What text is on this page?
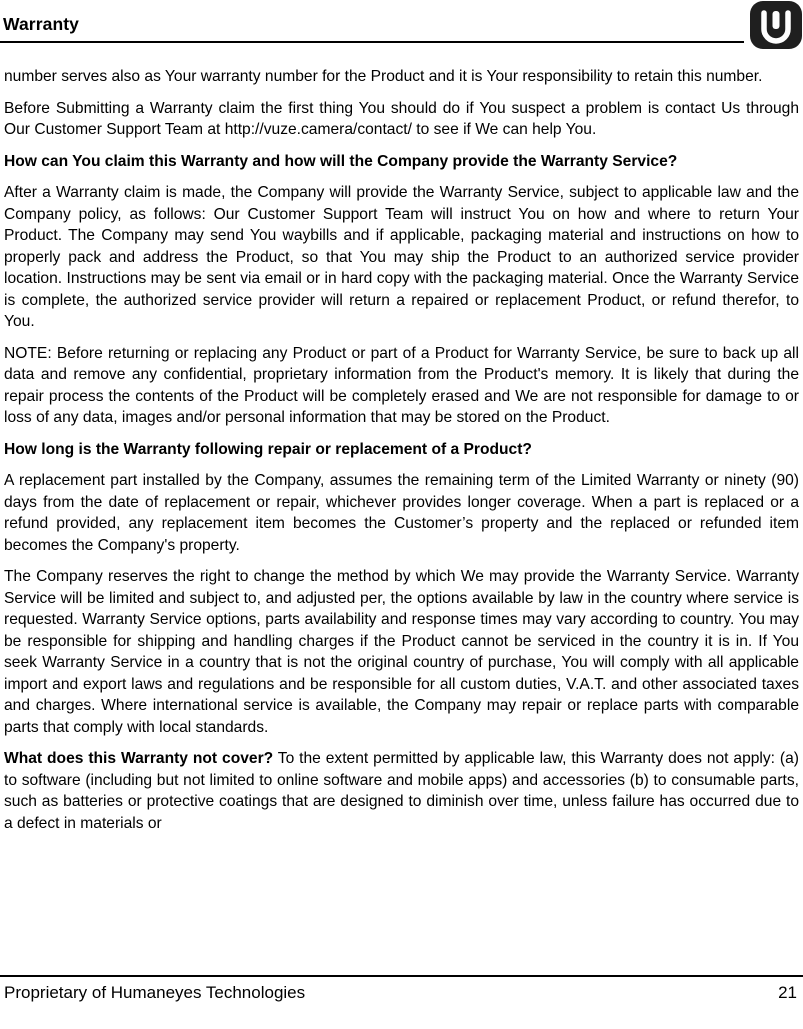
Warranty

number serves also as Your warranty number for the Product and it is Your responsibility to retain this number.

Before Submitting a Warranty claim the first thing You should do if You suspect a problem is contact Us through Our Customer Support Team at http://vuze.camera/contact/ to see if We can help You.

How can You claim this Warranty and how will the Company provide the Warranty Service?

After a Warranty claim is made, the Company will provide the Warranty Service, subject to applicable law and the Company policy, as follows: Our Customer Support Team will instruct You on how and where to return Your Product. The Company may send You waybills and if applicable, packaging material and instructions on how to properly pack and address the Product, so that You may ship the Product to an authorized service provider location. Instructions may be sent via email or in hard copy with the packaging material. Once the Warranty Service is complete, the authorized service provider will return a repaired or replacement Product, or refund therefor, to You.

NOTE: Before returning or replacing any Product or part of a Product for Warranty Service, be sure to back up all data and remove any confidential, proprietary information from the Product's memory. It is likely that during the repair process the contents of the Product will be completely erased and We are not responsible for damage to or loss of any data, images and/or personal information that may be stored on the Product.

How long is the Warranty following repair or replacement of a Product?

A replacement part installed by the Company, assumes the remaining term of the Limited Warranty or ninety (90) days from the date of replacement or repair, whichever provides longer coverage. When a part is replaced or a refund provided, any replacement item becomes the Customer’s property and the replaced or refunded item becomes the Company's property.

The Company reserves the right to change the method by which We may provide the Warranty Service. Warranty Service will be limited and subject to, and adjusted per, the options available by law in the country where service is requested. Warranty Service options, parts availability and response times may vary according to country. You may be responsible for shipping and handling charges if the Product cannot be serviced in the country it is in. If You seek Warranty Service in a country that is not the original country of purchase, You will comply with all applicable import and export laws and regulations and be responsible for all custom duties, V.A.T. and other associated taxes and charges. Where international service is available, the Company may repair or replace parts with comparable parts that comply with local standards.

What does this Warranty not cover? To the extent permitted by applicable law, this Warranty does not apply: (a) to software (including but not limited to online software and mobile apps) and accessories (b) to consumable parts, such as batteries or protective coatings that are designed to diminish over time, unless failure has occurred due to a defect in materials or

Proprietary of Humaneyes Technologies	21
